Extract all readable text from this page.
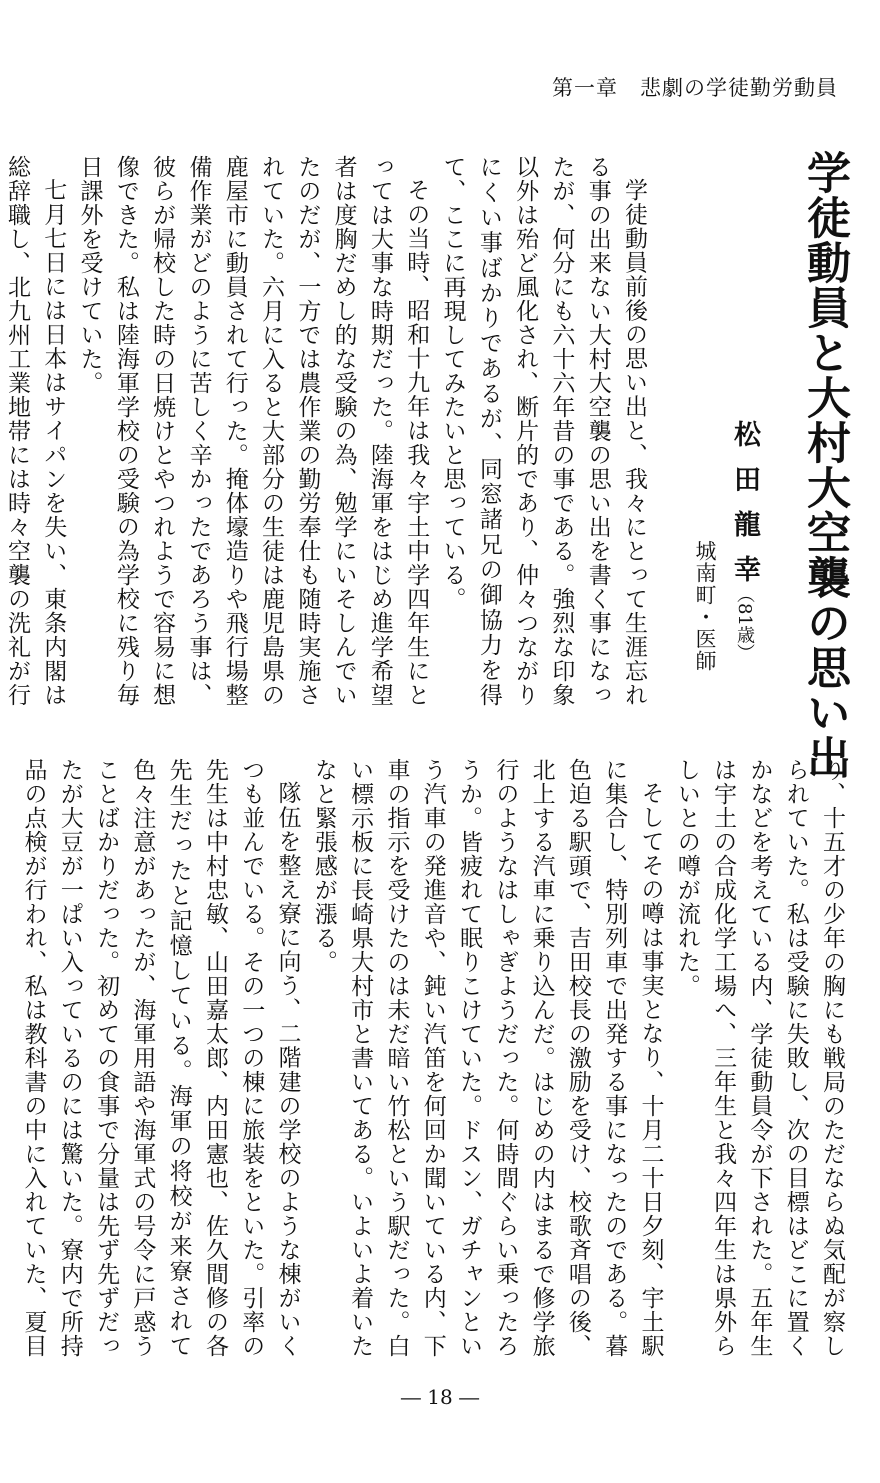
第一章　悲劇の学徒勤労動員
学徒動員と大村大空襲の思い出
松田龍幸
（81歳）
城南町・医師

学徒動員前後の思い出と、我々にとって生涯忘れる事の出来ない大村大空襲の思い出を書く事になったが、何分にも六十六年昔の事である。強烈な印象以外は殆ど風化され、断片的であり、仲々つながりにくい事ばかりであるが、同窓諸兄の御協力を得て、ここに再現してみたいと思っている。

その当時、昭和十九年は我々宇土中学四年生にとっては大事な時期だった。陸海軍をはじめ進学希望者は度胸だめし的な受験の為、勉学にいそしんでいたのだが、一方では農作業の勤労奉仕も随時実施されていた。六月に入ると大部分の生徒は鹿児島県の鹿屋市に動員されて行った。掩体壕造りや飛行場整備作業がどのように苦しく辛かったであろう事は、彼らが帰校した時の日焼けとやつれようで容易に想像できた。私は陸海軍学校の受験の為学校に残り毎日課外を受けていた。

七月七日には日本はサイパンを失い、東条内閣は総辞職し、北九州工業地帯には時々空襲の洗礼が行

り、十五才の少年の胸にも戦局のただならぬ気配が察しられていた。私は受験に失敗し、次の目標はどこに置くかなどを考えている内、学徒動員令が下された。五年生は宇土の合成化学工場へ、三年生と我々四年生は県外らしいとの噂が流れた。

そしてその噂は事実となり、十月二十日夕刻、宇土駅に集合し、特別列車で出発する事になったのである。暮色迫る駅頭で、吉田校長の激励を受け、校歌斉唱の後、北上する汽車に乗り込んだ。はじめの内はまるで修学旅行のようなはしゃぎようだった。何時間ぐらい乗ったろうか。皆疲れて眠りこけていた。ドスン、ガチャンという汽車の発進音や、鈍い汽笛を何回か聞いている内、下車の指示を受けたのは未だ暗い竹松という駅だった。白い標示板に長崎県大村市と書いてある。いよいよ着いたなと緊張感が漲る。

隊伍を整え寮に向う、二階建の学校のような棟がいくつも並んでいる。その一つの棟に旅装をといた。引率の先生は中村忠敏、山田嘉太郎、内田憲也、佐久間修の各先生だったと記憶している。海軍の将校が来寮されて色々注意があったが、海軍用語や海軍式の号令に戸惑うことばかりだった。初めての食事で分量は先ず先ずだったが大豆が一ぱい入っているのには驚いた。寮内で所持品の点検が行われ、私は教科書の中に入れていた、夏目

― 18 ―
